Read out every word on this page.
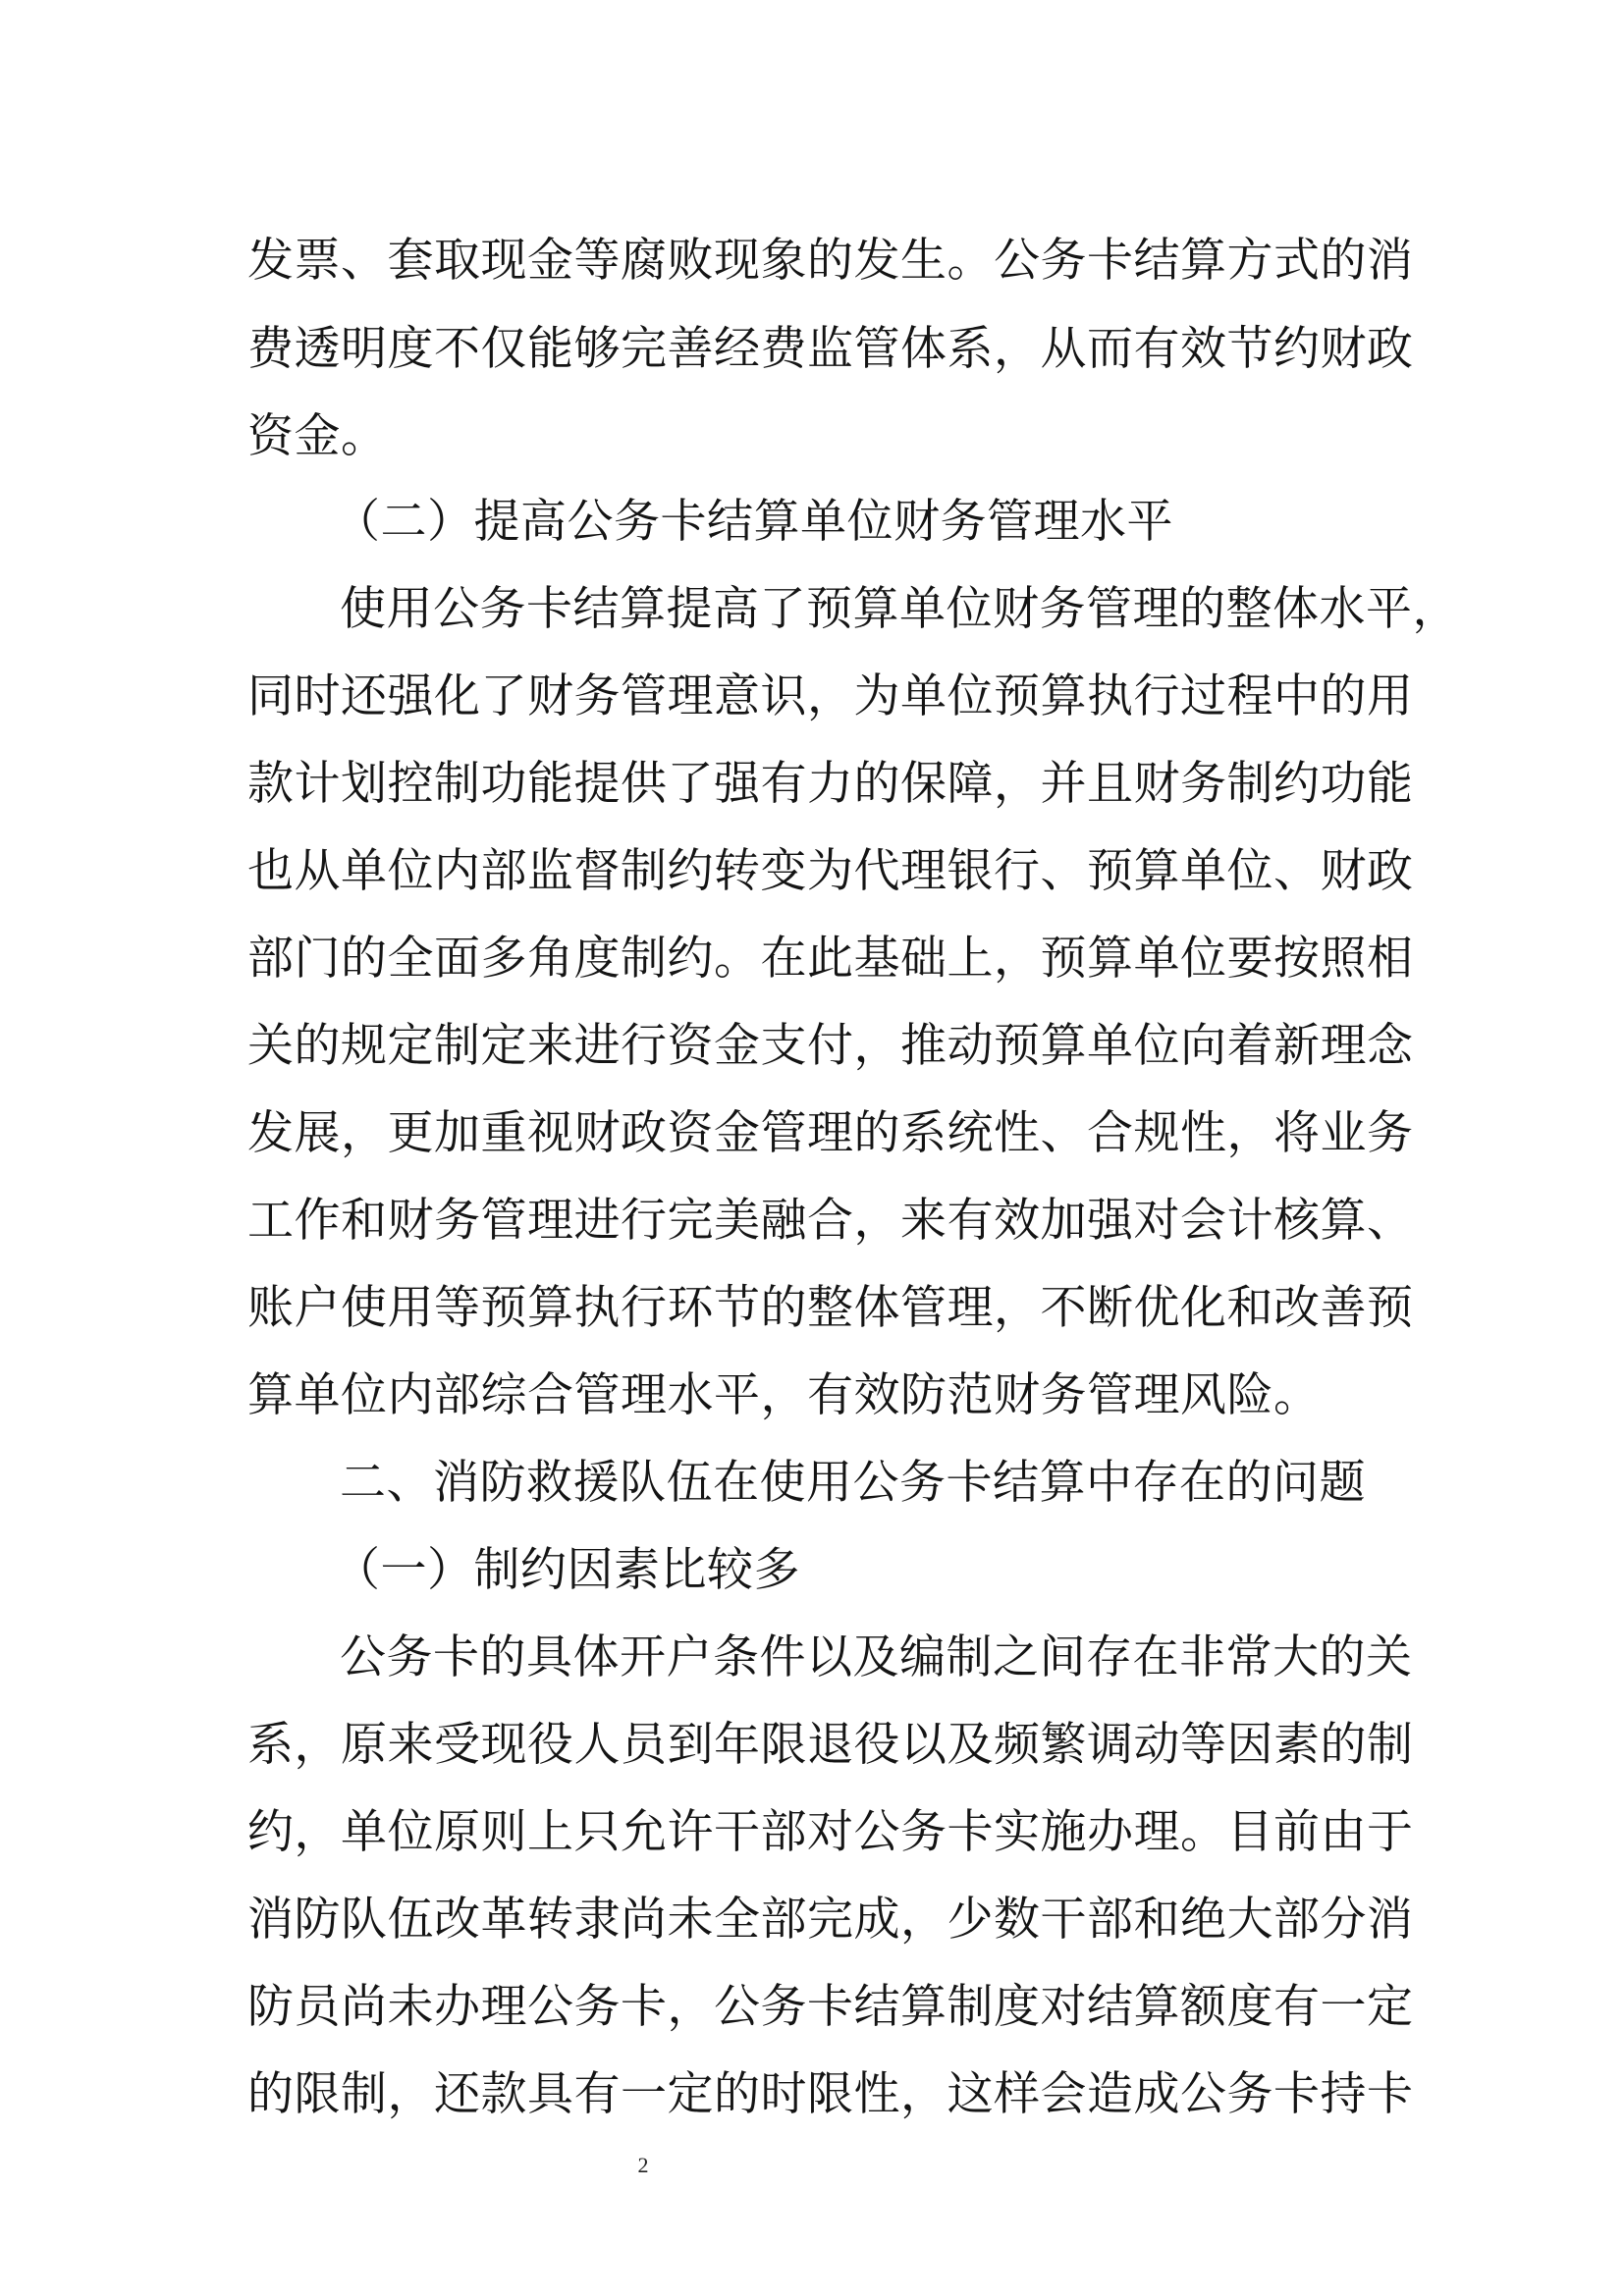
发票、套取现金等腐败现象的发生。公务卡结算方式的消
费透明度不仅能够完善经费监管体系，从而有效节约财政
资金。
（二）提高公务卡结算单位财务管理水平
使用公务卡结算提高了预算单位财务管理的整体水平，
同时还强化了财务管理意识，为单位预算执行过程中的用
款计划控制功能提供了强有力的保障，并且财务制约功能
也从单位内部监督制约转变为代理银行、预算单位、财政
部门的全面多角度制约。在此基础上，预算单位要按照相
关的规定制定来进行资金支付，推动预算单位向着新理念
发展，更加重视财政资金管理的系统性、合规性，将业务
工作和财务管理进行完美融合，来有效加强对会计核算、
账户使用等预算执行环节的整体管理，不断优化和改善预
算单位内部综合管理水平，有效防范财务管理风险。
二、消防救援队伍在使用公务卡结算中存在的问题
（一）制约因素比较多
公务卡的具体开户条件以及编制之间存在非常大的关
系，原来受现役人员到年限退役以及频繁调动等因素的制
约，单位原则上只允许干部对公务卡实施办理。目前由于
消防队伍改革转隶尚未全部完成，少数干部和绝大部分消
防员尚未办理公务卡，公务卡结算制度对结算额度有一定
的限制，还款具有一定的时限性，这样会造成公务卡持卡
2
